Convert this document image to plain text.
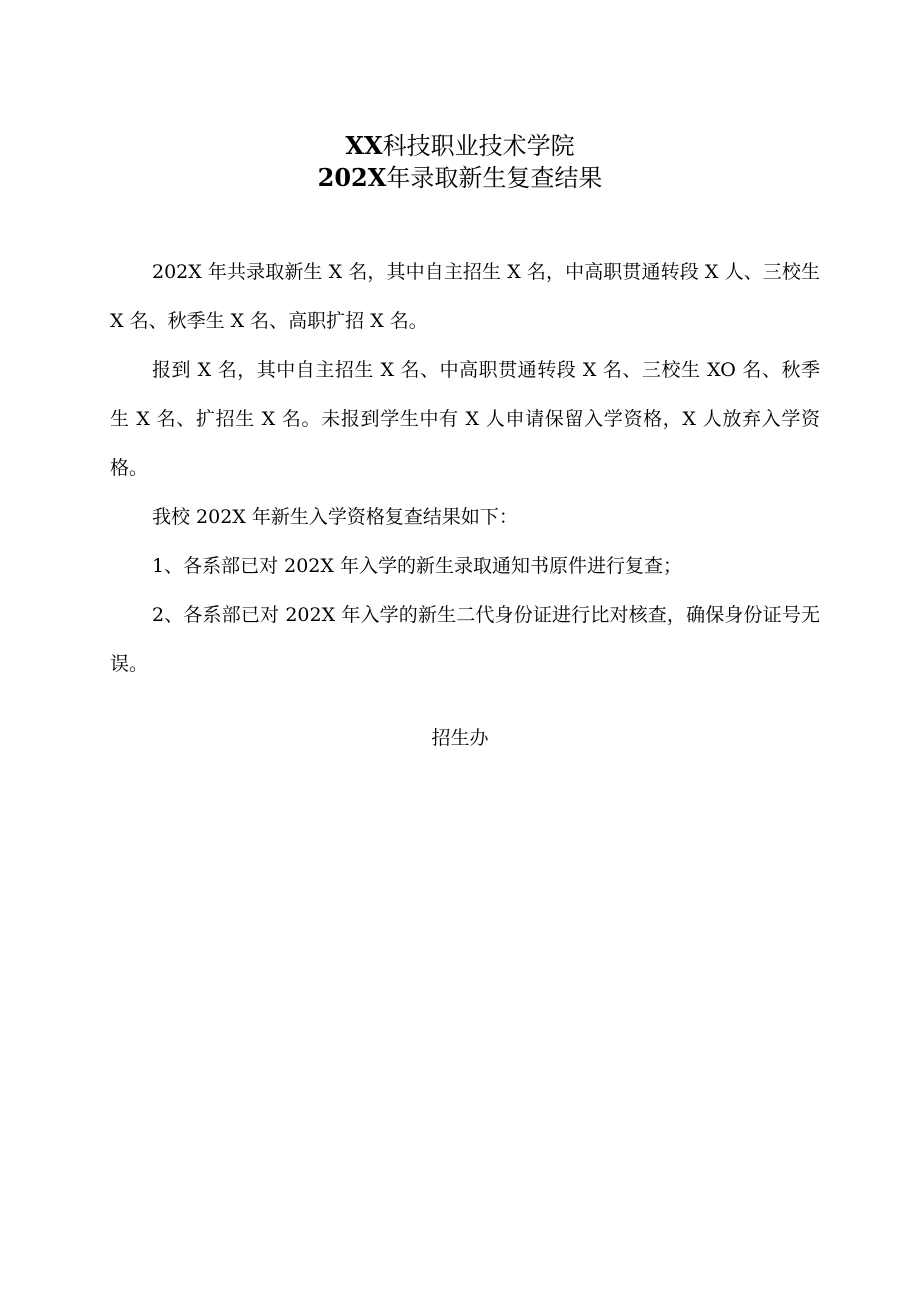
XX科技职业技术学院
202X年录取新生复查结果

202X 年共录取新生 X 名，其中自主招生 X 名，中高职贯通转段 X 人、三校生 X 名、秋季生 X 名、高职扩招 X 名。

报到 X 名，其中自主招生 X 名、中高职贯通转段 X 名、三校生 XO 名、秋季生 X 名、扩招生 X 名。未报到学生中有 X 人申请保留入学资格，X 人放弃入学资格。

我校 202X 年新生入学资格复查结果如下：

1、各系部已对 202X 年入学的新生录取通知书原件进行复查；

2、各系部已对 202X 年入学的新生二代身份证进行比对核查，确保身份证号无误。

招生办
